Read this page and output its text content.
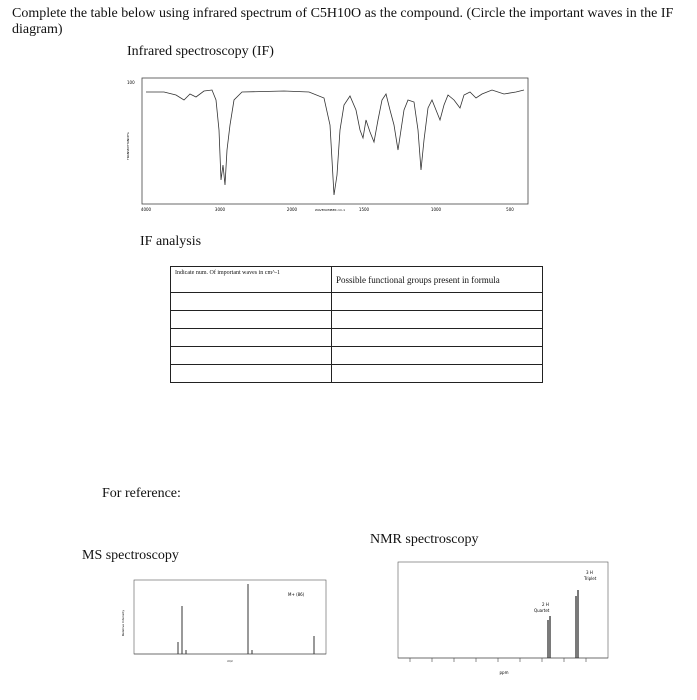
Complete the table below using infrared spectrum of C5H10O as the compound. (Circle the important waves in the IF diagram)
Infrared spectroscopy (IF)
100
TRANSMITTANCE%
4000	3000	2000	1500	1000	500
WAVENUMBER cm-1
IF analysis
Indicate num. Of important waves in cm^-1	Possible functional groups present in formula

For reference:
NMR spectroscopy
MS spectroscopy
Relative Intensity
M+ (86)
m/z
2 H
Quartet
3 H
Triplet
ppm
